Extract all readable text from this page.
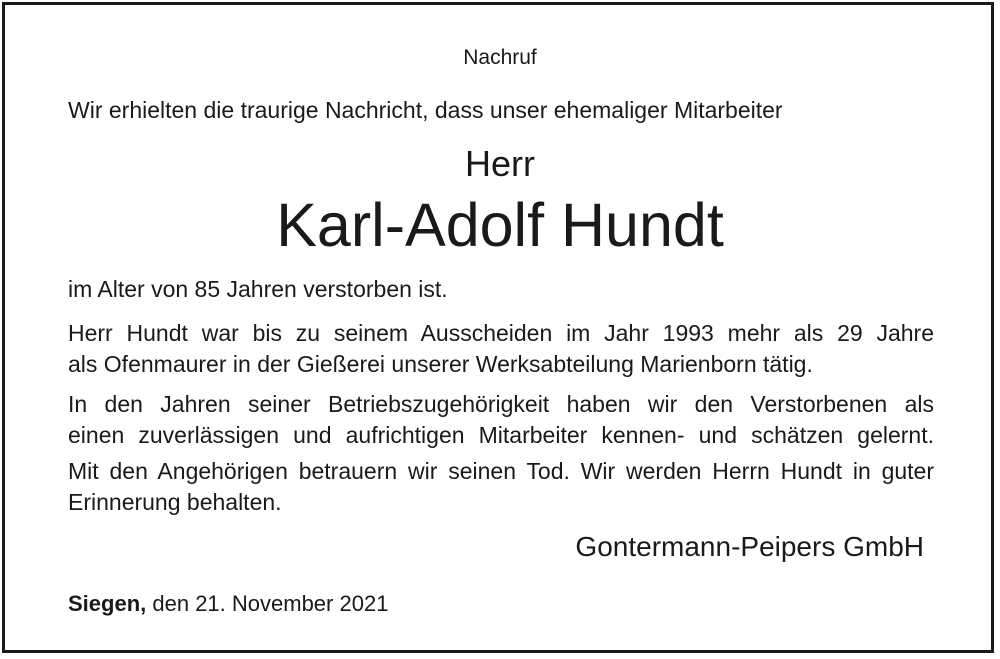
Nachruf
Wir erhielten die traurige Nachricht, dass unser ehemaliger Mitarbeiter
Herr
Karl-Adolf Hundt
im Alter von 85 Jahren verstorben ist.
Herr Hundt war bis zu seinem Ausscheiden im Jahr 1993 mehr als 29 Jahre
als Ofenmaurer in der Gießerei unserer Werksabteilung Marienborn tätig.
In den Jahren seiner Betriebszugehörigkeit haben wir den Verstorbenen als
einen zuverlässigen und aufrichtigen Mitarbeiter kennen- und schätzen gelernt.
Mit den Angehörigen betrauern wir seinen Tod. Wir werden Herrn Hundt in guter
Erinnerung behalten.
Gontermann-Peipers GmbH
Siegen, den 21. November 2021
